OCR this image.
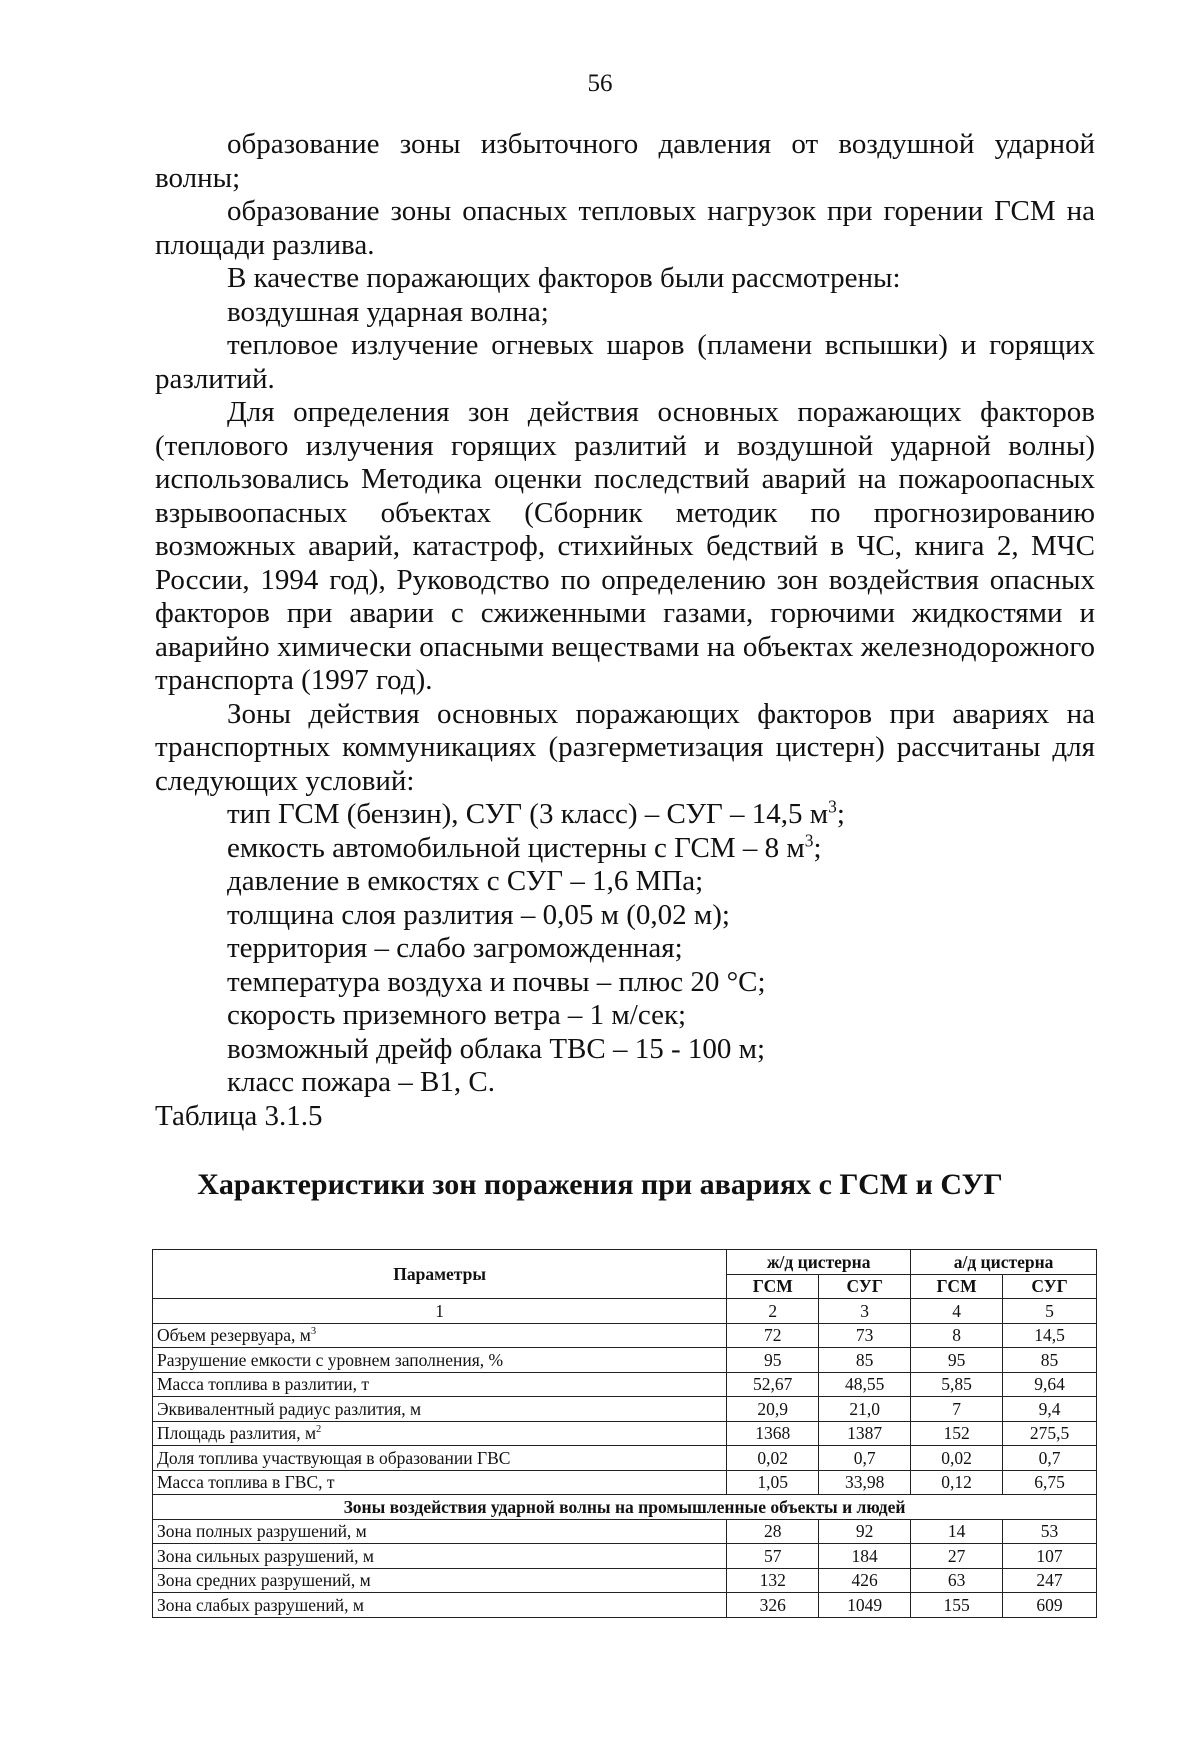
56

образование зоны избыточного давления от воздушной ударной волны;

образование зоны опасных тепловых нагрузок при горении ГСМ на площади разлива.

В качестве поражающих факторов были рассмотрены:

воздушная ударная волна;

тепловое излучение огневых шаров (пламени вспышки) и горящих разлитий.

Для определения зон действия основных поражающих факторов (теплового излучения горящих разлитий и воздушной ударной волны) использовались Методика оценки последствий аварий на пожароопасных взрывоопасных объектах (Сборник методик по прогнозированию возможных аварий, катастроф, стихийных бедствий в ЧС, книга 2, МЧС России, 1994 год), Руководство по определению зон воздействия опасных факторов при аварии с сжиженными газами, горючими жидкостями и аварийно химически опасными веществами на объектах железнодорожного транспорта (1997 год).

Зоны действия основных поражающих факторов при авариях на транспортных коммуникациях (разгерметизация цистерн) рассчитаны для следующих условий:

тип ГСМ (бензин), СУГ (3 класс) – СУГ – 14,5 $м^3$;

емкость автомобильной цистерны с ГСМ – 8 $м^3$;

давление в емкостях с СУГ – 1,6 МПа;

толщина слоя разлития – 0,05 м (0,02 м);

территория – слабо загроможденная;

температура воздуха и почвы – плюс 20 °С;

скорость приземного ветра – 1 м/сек;

возможный дрейф облака ТВС – 15 - 100 м;

класс пожара – В1, С.

Таблица 3.1.5

Характеристики зон поражения при авариях с ГСМ и СУГ
Параметры	ж/д цистерна		а/д цистерна	
	ГСМ	СУГ	ГСМ	СУГ
1	2	3	4	5
Объем резервуара, $м^3$	72	73	8	14,5
Разрушение емкости с уровнем заполнения, %	95	85	95	85
Масса топлива в разлитии, т	52,67	48,55	5,85	9,64
Эквивалентный радиус разлития, м	20,9	21,0	7	9,4
Площадь разлития, $м^2$	1368	1387	152	275,5
Доля топлива участвующая в образовании ГВС	0,02	0,7	0,02	0,7
Масса топлива в ГВС, т	1,05	33,98	0,12	6,75
Зоны воздействия ударной волны на промышленные объекты и людей				
Зона полных разрушений, м	28	92	14	53
Зона сильных разрушений, м	57	184	27	107
Зона средних разрушений, м	132	426	63	247
Зона слабых разрушений, м	326	1049	155	609
